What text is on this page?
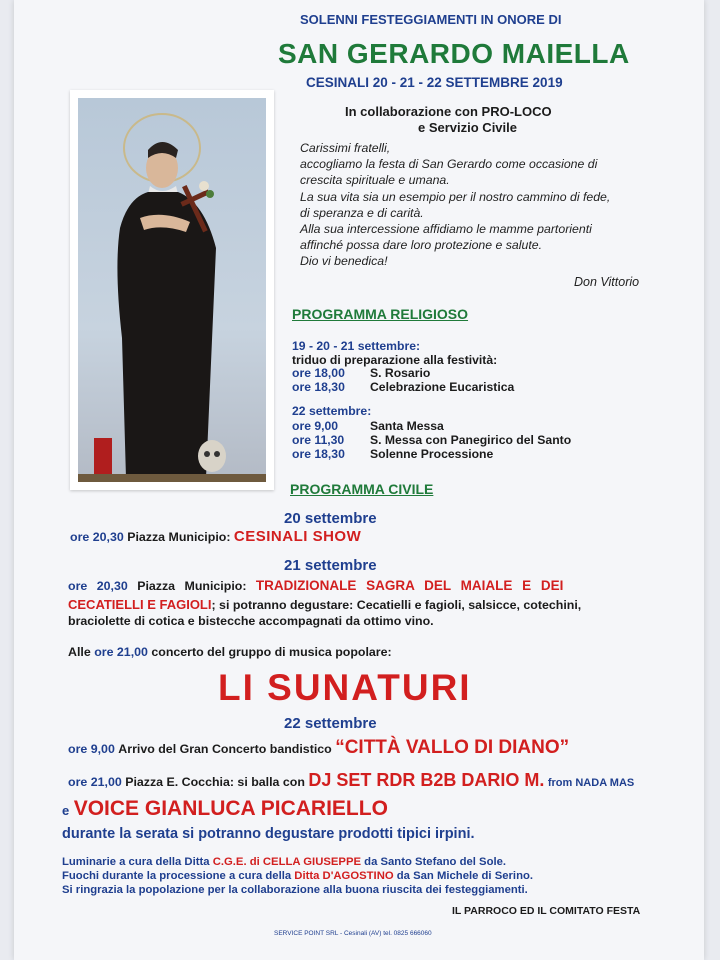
SOLENNI FESTEGGIAMENTI IN ONORE DI
SAN GERARDO MAIELLA
CESINALI 20 - 21 - 22 SETTEMBRE 2019
In collaborazione con PRO-LOCO
e Servizio Civile
Carissimi fratelli,
accogliamo la festa di San Gerardo come occasione di
crescita spirituale e umana.
La sua vita sia un esempio per il nostro cammino di fede,
di speranza e di carità.
Alla sua intercessione affidiamo le mamme partorienti
affinché possa dare loro protezione e salute.
Dio vi benedica!
Don Vittorio
PROGRAMMA RELIGIOSO
19 - 20 - 21 settembre:
triduo di preparazione alla festività:
ore 18,00 S. Rosario
ore 18,30 Celebrazione Eucaristica
22 settembre:
ore 9,00	Santa Messa
ore 11,30 S. Messa con Panegirico del Santo
ore 18,30 Solenne Processione
PROGRAMMA CIVILE
20 settembre
ore 20,30 Piazza Municipio: CESINALI SHOW
21 settembre
ore 20,30 Piazza Municipio: TRADIZIONALE SAGRA DEL MAIALE E DEI
CECATIELLI E FAGIOLI; si potranno degustare: Cecatielli e fagioli, salsicce, cotechini,
braciolette di cotica e bistecche accompagnati da ottimo vino.
Alle ore 21,00 concerto del gruppo di musica popolare:
LI SUNATURI
22 settembre
ore 9,00 Arrivo del Gran Concerto bandistico “CITTÀ VALLO DI DIANO”
ore 21,00 Piazza E. Cocchia: si balla con DJ SET RDR B2B DARIO M. from NADA MAS
e VOICE GIANLUCA PICARIELLO
durante la serata si potranno degustare prodotti tipici irpini.
Luminarie a cura della Ditta C.G.E. di CELLA GIUSEPPE da Santo Stefano del Sole.
Fuochi durante la processione a cura della Ditta D'AGOSTINO da San Michele di Serino.
Si ringrazia la popolazione per la collaborazione alla buona riuscita dei festeggiamenti.
IL PARROCO ED IL COMITATO FESTA
SERVICE POINT SRL - Cesinali (AV) tel. 0825 666060
